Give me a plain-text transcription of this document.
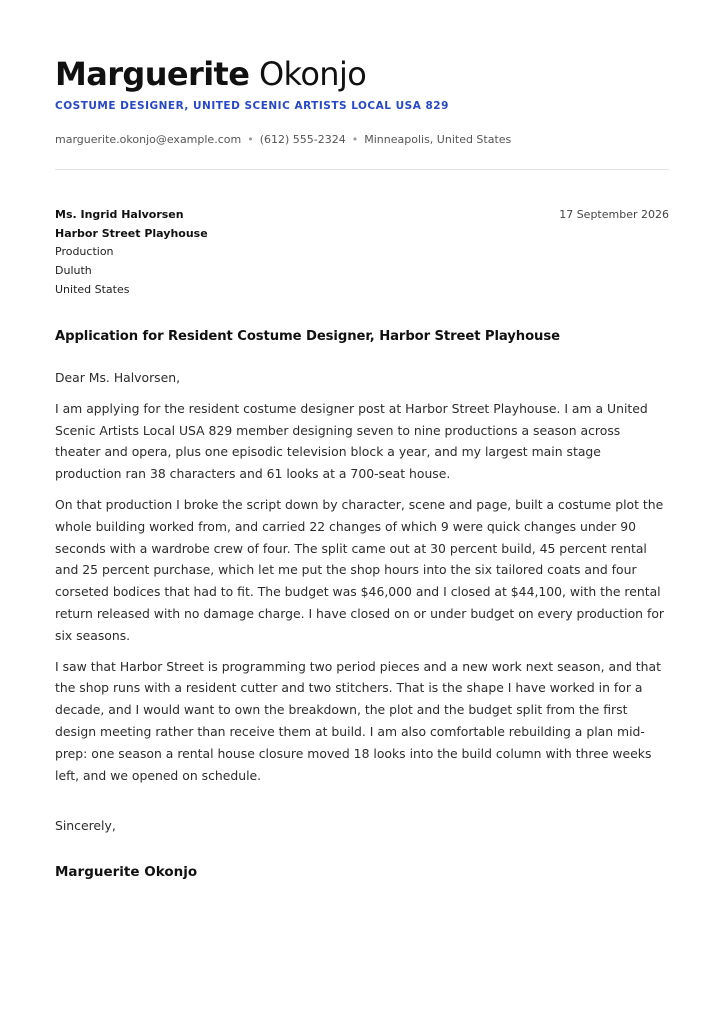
Marguerite Okonjo
COSTUME DESIGNER, UNITED SCENIC ARTISTS LOCAL USA 829
marguerite.okonjo@example.com • (612) 555-2324 • Minneapolis, United States
Ms. Ingrid Halvorsen
Harbor Street Playhouse
Production
Duluth
United States
17 September 2026
Application for Resident Costume Designer, Harbor Street Playhouse

Dear Ms. Halvorsen,

I am applying for the resident costume designer post at Harbor Street Playhouse. I am a United Scenic Artists Local USA 829 member designing seven to nine productions a season across theater and opera, plus one episodic television block a year, and my largest main stage production ran 38 characters and 61 looks at a 700-seat house.

On that production I broke the script down by character, scene and page, built a costume plot the whole building worked from, and carried 22 changes of which 9 were quick changes under 90 seconds with a wardrobe crew of four. The split came out at 30 percent build, 45 percent rental and 25 percent purchase, which let me put the shop hours into the six tailored coats and four corseted bodices that had to fit. The budget was $46,000 and I closed at $44,100, with the rental return released with no damage charge. I have closed on or under budget on every production for six seasons.

I saw that Harbor Street is programming two period pieces and a new work next season, and that the shop runs with a resident cutter and two stitchers. That is the shape I have worked in for a decade, and I would want to own the breakdown, the plot and the budget split from the first design meeting rather than receive them at build. I am also comfortable rebuilding a plan mid-prep: one season a rental house closure moved 18 looks into the build column with three weeks left, and we opened on schedule.

Sincerely,
Marguerite Okonjo
